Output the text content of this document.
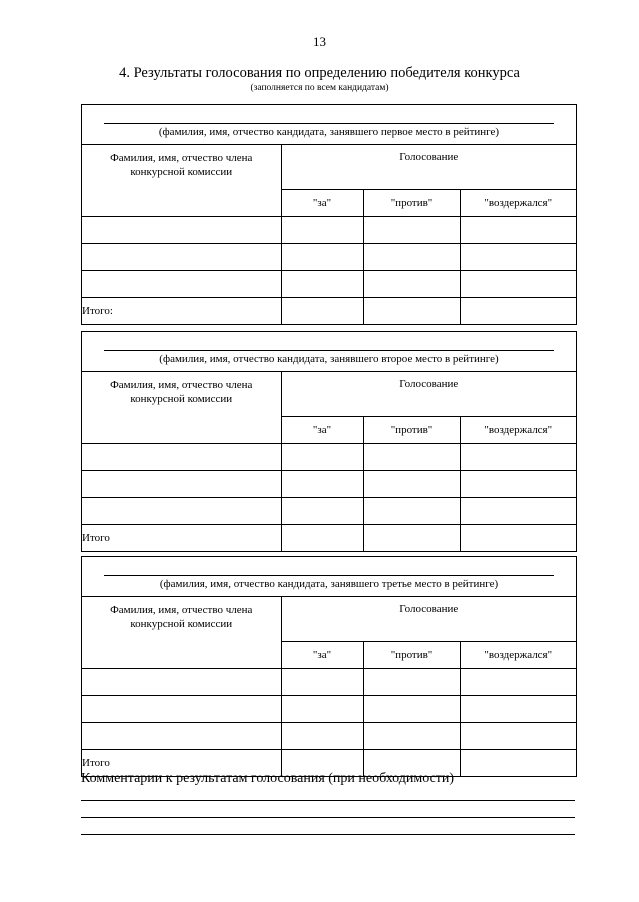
13
4. Результаты голосования по определению победителя конкурса
(заполняется по всем кандидатам)
(фамилия, имя, отчество кандидата, занявшего первое место в рейтинге)
Фамилия, имя, отчество члена конкурсной комиссии	Голосование		
	"за"	"против"	"воздержался"

Итого:			
(фамилия, имя, отчество кандидата, занявшего второе место в рейтинге)
Фамилия, имя, отчество члена конкурсной комиссии	Голосование		
	"за"	"против"	"воздержался"

Итого			
(фамилия, имя, отчество кандидата, занявшего третье место в рейтинге)
Фамилия, имя, отчество члена конкурсной комиссии	Голосование		
	"за"	"против"	"воздержался"

Итого			
Комментарии к результатам голосования (при необходимости)
